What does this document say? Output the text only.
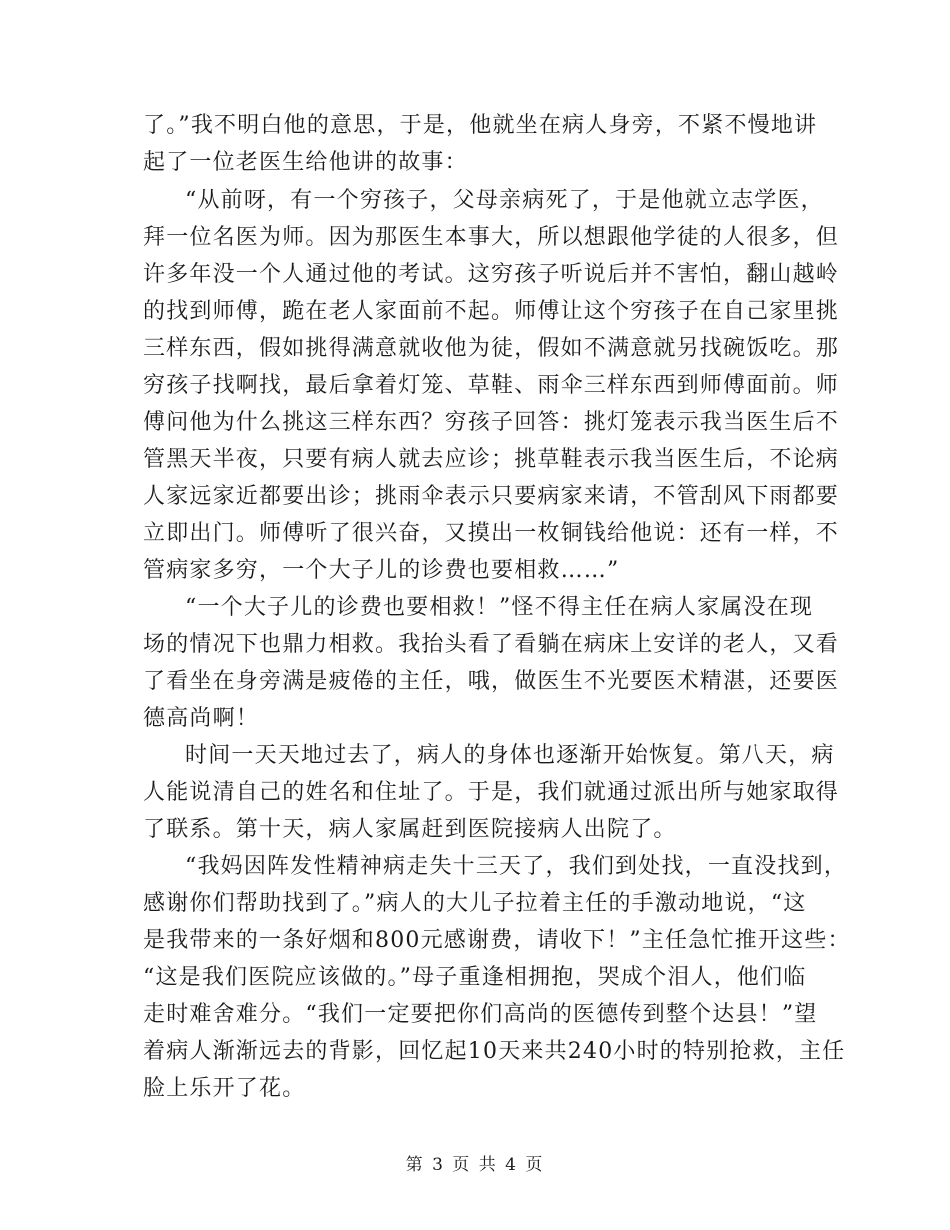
了。”我不明白他的意思，于是，他就坐在病人身旁，不紧不慢地讲
起了一位老医生给他讲的故事：
“从前呀，有一个穷孩子，父母亲病死了，于是他就立志学医，
拜一位名医为师。因为那医生本事大，所以想跟他学徒的人很多，但
许多年没一个人通过他的考试。这穷孩子听说后并不害怕，翻山越岭
的找到师傅，跪在老人家面前不起。师傅让这个穷孩子在自己家里挑
三样东西，假如挑得满意就收他为徒，假如不满意就另找碗饭吃。那
穷孩子找啊找，最后拿着灯笼、草鞋、雨伞三样东西到师傅面前。师
傅问他为什么挑这三样东西？穷孩子回答：挑灯笼表示我当医生后不
管黑天半夜，只要有病人就去应诊；挑草鞋表示我当医生后，不论病
人家远家近都要出诊；挑雨伞表示只要病家来请，不管刮风下雨都要
立即出门。师傅听了很兴奋，又摸出一枚铜钱给他说：还有一样，不
管病家多穷，一个大子儿的诊费也要相救……”
“一个大子儿的诊费也要相救！”怪不得主任在病人家属没在现
场的情况下也鼎力相救。我抬头看了看躺在病床上安详的老人，又看
了看坐在身旁满是疲倦的主任，哦，做医生不光要医术精湛，还要医
德高尚啊！
时间一天天地过去了，病人的身体也逐渐开始恢复。第八天，病
人能说清自己的姓名和住址了。于是，我们就通过派出所与她家取得
了联系。第十天，病人家属赶到医院接病人出院了。
“我妈因阵发性精神病走失十三天了，我们到处找，一直没找到，
感谢你们帮助找到了。”病人的大儿子拉着主任的手激动地说，“这
是我带来的一条好烟和800元感谢费，请收下！”主任急忙推开这些：
“这是我们医院应该做的。”母子重逢相拥抱，哭成个泪人，他们临
走时难舍难分。“我们一定要把你们高尚的医德传到整个达县！”望
着病人渐渐远去的背影，回忆起10天来共240小时的特别抢救，主任
脸上乐开了花。
第 3 页 共 4 页
